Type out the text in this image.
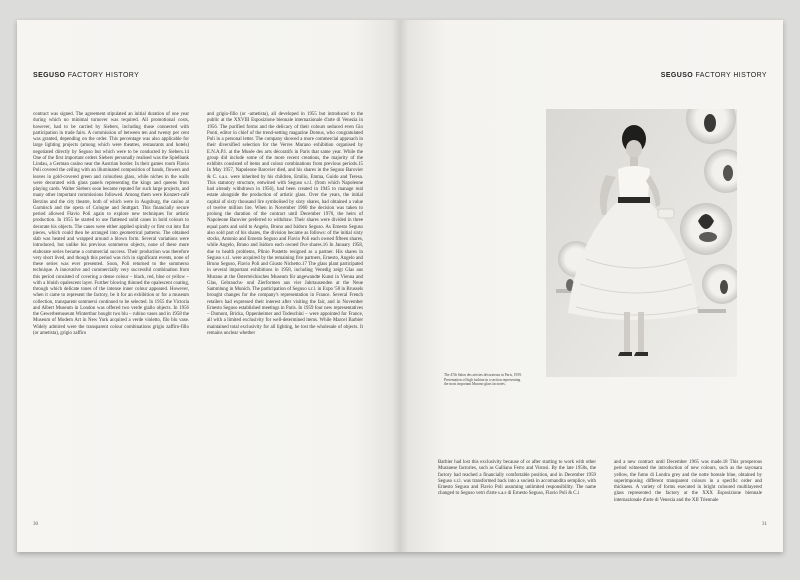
SEGUSO FACTORY HISTORY

contract was signed. The agreement stipulated an initial duration of one year during which no minimal turnover was required. All promotional costs, however, had to be carried by Siebers, including those connected with participation in trade fairs. A commission of between ten and twenty per cent was granted, depending on the order. This percentage was also applicable for large lighting projects (among which were theatres, restaurants and hotels) negotiated directly by Seguso but which were to be conducted by Siebers.14 One of the first important orders Siebers personally realised was the Spielbank Lindau, a German casino near the Austrian border. In their games room Flavio Poli covered the ceiling with an illuminated composition of bands, flowers and leaves in gold-covered green and colourless glass, while niches in the walls were decorated with glass panels representing the kings and queens from playing cards. Walter Siebers soon became reputed for such large projects, and many other important commissions followed. Among them were Konzert-café Berzins and the city theatre, both of which were in Augsburg, the casino at Garmisch and the opera of Cologne and Stuttgart. This financially secure period allowed Flavio Poli again to explore new techniques for artistic production. In 1955 he started to use flattened solid canes in bold colours to decorate his objects. The canes were either applied spirally or first cut into flat pieces, which could then be arranged into geometrical patterns. The obtained slab was heated and wrapped around a blown form. Several variations were introduced, but unlike his previous sommerso objects, none of these more elaborate series became a commercial success. Their production was therefore very short lived, and though this period was rich in significant events, none of these series was ever presented. Soon, Poli returned to the sommerso technique. A innovative and commercially very successful combination from this period consisted of covering a dense colour – black, red, blue or yellow – with a bluish opalescent layer. Further blowing thinned the opalescent coating, through which delicate tones of the intense inner colour appeared. However, when it came to represent the factory, be it for an exhibition or for a museum collection, transparent sommersi continued to be selected. In 1955 the Victoria and Albert Museum in London was offered two verde giallo objects. In 1956 the Gewerbemuseum Winterthur bought two blu – rubino vases and in 1958 the Museum of Modern Art in New York acquired a verde violetto, filo blu vase. Widely admired were the transparent colour combinations grigio zaffiro-fillo (or ametista), grigio zaffiro

and grigio-fillo (or -ametista), all developed in 1955 but introduced to the public at the XXVIII Esposizione biennale internazionale d'arte di Venezia in 1956. The purified forms and the delicacy of their colours seduced even Gio Ponti, editor in chief of the trend-setting magazine Domus, who congratulated Poli in a personal letter. The company showed a more commercial approach in their diversified selection for the Verres Muranο exhibition organised by E.N.A.P.I. at the Musée des arts décoratifs in Paris that same year. While the group did include some of the more recent creations, the majority of the exhibits consisted of items and colour combinations from previous periods.15 In May 1957, Napoleone Barovier died, and his shares in the Seguso Barovier & C. s.a.s. were inherited by his children, Emilio, Emma, Guido and Teresa. This statutory structure, entwined with Seguso s.r.l. (from which Napoleone had already withdrawn in 1956), had been created in 1945 to manage real estate alongside the production of artistic glass. Over the years, the initial capital of sixty thousand lire symbolised by sixty shares, had obtained a value of twelve million lire. When in November 1960 the decision was taken to prolong the duration of the contract until December 1970, the heirs of Napoleone Barovier preferred to withdraw. Their shares were divided in three equal parts and sold to Angelo, Bruno and Isidoro Seguso. As Ernesto Seguso also sold part of his shares, the division became as follows: of the initial sixty stocks, Antonio and Ernesto Seguso and Flavio Poli each owned fifteen shares, while Angelo, Bruno and Isidoro each owned five shares.16 In January 1958, due to health problems, Plinio Pustetto resigned as a partner. His shares in Seguso s.r.l. were acquired by the remaining five partners, Ernesto, Angelo and Bruno Seguso, Flavio Poli and Giusto Nichetto.17 The glass plant participated in several important exhibitions in 1958, including Venedig zeigt Glas aus Murano at the Österreichisches Museum für angewandte Kunst in Vienna and Glas, Gebrauchs- und Zierformen aus vier Jahrtausenden at the Neue Sammlung in Munich. The participation of Seguso s.r.l. in Expo '58 in Brussels brought changes for the company's representation in France. Several French retailers had expressed their interest after visiting the fair, and in November Ernesto Seguso established meetings in Paris. In 1959 four new representatives – Dumont, Bricka, Oppenheimer and Todeschini – were appointed for France, all with a limited exclusivity for well-determined items. While Marcel Barbier maintained total exclusivity for all lighting, he lost the wholesale of objects. It remains unclear whether

30
SEGUSO FACTORY HISTORY
The 47th Salon des artistes décorateurs in Paris, 1959. Presentation of high fashion in a section representing the most important Murano glass factories.

Barbier had lost this exclusivity because of or after starting to work with other Muranese factories, such as Galliano Ferro and Vistosi. By the late 1950s, the factory had reached a financially comfortable position, and in December 1959 Seguso s.r.l. was transformed back into a società in accomandita semplice, with Ernesto Seguso and Flavio Poli assuming unlimited responsibility. The name changed to Seguso vetri d'arte s.a.s di Ernesto Seguso, Flavio Poli & C.i

and a new contract until December 1965 was made.18 This prosperous period witnessed the introduction of new colours, such as the sayonara yellow, the fumo di Londra grey and the notte boreale blue, obtained by superimposing different transparent colours in a specific order and thickness. A variety of forms executed in bright coloured multilayered glass represented the factory at the XXX Esposizione biennale internazionale d'arte di Venezia and the XII Triennale

31
